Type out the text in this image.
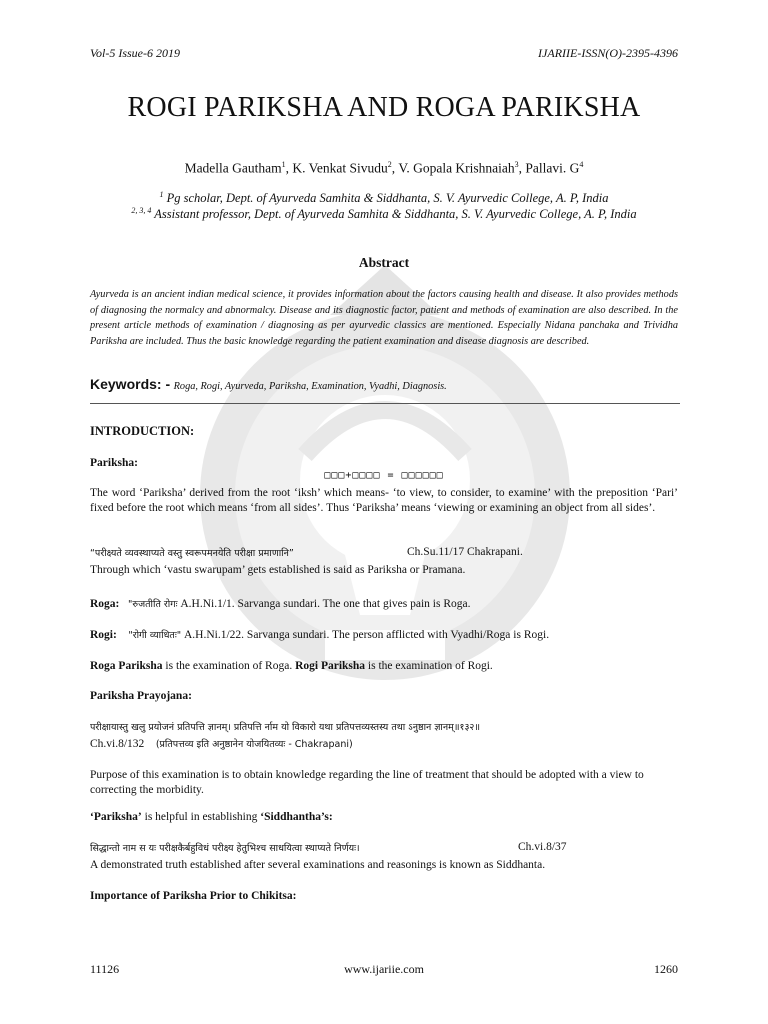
Vol-5 Issue-6 2019	IJARIIE-ISSN(O)-2395-4396
ROGI PARIKSHA AND ROGA PARIKSHA
Madella Gautham$^1$, K. Venkat Sivudu$^2$, V. Gopala Krishnaiah$^3$, Pallavi. $G^4$
$^1$ Pg scholar, Dept. of Ayurveda Samhita & Siddhanta, S. V. Ayurvedic College, A. P, India
$^{2, 3, 4}$ Assistant professor, Dept. of Ayurveda Samhita & Siddhanta, S. V. Ayurvedic College, A. P, India
Abstract
Ayurveda is an ancient indian medical science, it provides information about the factors causing health and disease. It also provides methods of diagnosing the normalcy and abnormalcy. Disease and its diagnostic factor, patient and methods of examination are also described. In the present article methods of examination / diagnosing as per ayurvedic classics are mentioned. Especially Nidana panchaka and Trividha Pariksha are included. Thus the basic knowledge regarding the patient examination and disease diagnosis are described.
Keywords: - Roga, Rogi, Ayurveda, Pariksha, Examination, Vyadhi, Diagnosis.
INTRODUCTION:
Pariksha:
□□□+□□□□ = □□□□□□
The word ‘Pariksha’ derived from the root ‘iksh’ which means- ‘to view, to consider, to examine’ with the preposition ‘Pari’ fixed before the root which means ‘from all sides’. Thus ‘Pariksha’ means ‘viewing or examining an object from all sides’.
“परीक्ष्यते व्यवस्थाप्यते वस्तु स्वरूपमनयेति परीक्षा प्रमाणानि”	Ch.Su.11/17 Chakrapani.
Through which ‘vastu swarupam’ gets established is said as Pariksha or Pramana.
Roga: "रुजतीति रोगः A.H.Ni.1/1. Sarvanga sundari. The one that gives pain is Roga.
Rogi: "रोगी व्याधितः" A.H.Ni.1/22. Sarvanga sundari. The person afflicted with Vyadhi/Roga is Rogi.
Roga Pariksha is the examination of Roga. Rogi Pariksha is the examination of Rogi.
Pariksha Prayojana:
परीक्षायास्तु खलु प्रयोजनं प्रतिपत्ति ज्ञानम्। प्रतिपत्ति र्नाम यो विकारो यथा प्रतिपत्तव्यस्तस्य तथा ऽनुष्ठान ज्ञानम्॥१३२॥
Ch.vi.8/132 (प्रतिपत्तव्य इति अनुष्ठानेन योजयितव्यः - Chakrapani)
Purpose of this examination is to obtain knowledge regarding the line of treatment that should be adopted with a view to correcting the morbidity.
‘Pariksha’ is helpful in establishing ‘Siddhantha’s:
सिद्धान्तो नाम स यः परीक्षकैर्बहुविधं परीक्ष्य हेतुभिश्च साधयित्वा स्थाप्यते निर्णयः।	Ch.vi.8/37
A demonstrated truth established after several examinations and reasonings is known as Siddhanta.
Importance of Pariksha Prior to Chikitsa:
11126	www.ijariie.com	1260
